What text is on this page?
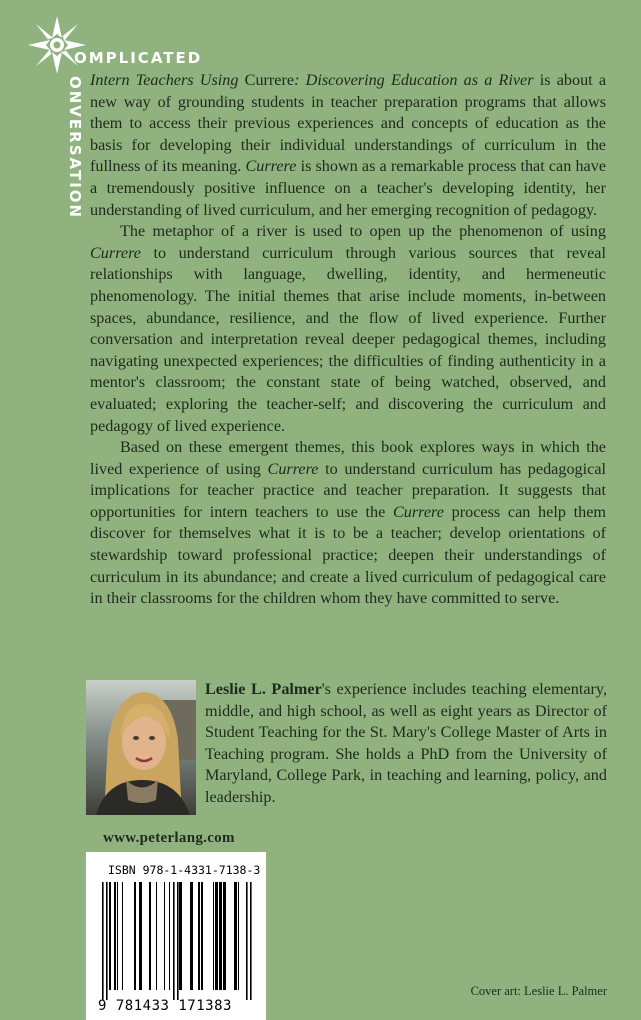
OMPLICATED
ONVERSATION Intern Teachers Using Currere: Discovering Education as a River is about a new way of grounding students in teacher preparation programs that allows them to access their previous experiences and concepts of education as the basis for developing their individual understandings of curriculum in the fullness of its meaning. Currere is shown as a remarkable process that can have a tremendously positive influence on a teacher's developing identity, her understanding of lived curriculum, and her emerging recognition of pedagogy.

The metaphor of a river is used to open up the phenomenon of using Currere to understand curriculum through various sources that reveal relationships with language, dwelling, identity, and hermeneutic phenomenology. The initial themes that arise include moments, in-between spaces, abundance, resilience, and the flow of lived experience. Further conversation and interpretation reveal deeper pedagogical themes, including navigating unexpected experiences; the difficulties of finding authenticity in a mentor's classroom; the constant state of being watched, observed, and evaluated; exploring the teacher-self; and discovering the curriculum and pedagogy of lived experience.

Based on these emergent themes, this book explores ways in which the lived experience of using Currere to understand curriculum has pedagogical implications for teacher practice and teacher preparation. It suggests that opportunities for intern teachers to use the Currere process can help them discover for themselves what it is to be a teacher; develop orientations of stewardship toward professional practice; deepen their understandings of curriculum in its abundance; and create a lived curriculum of pedagogical care in their classrooms for the children whom they have committed to serve.

Leslie L. Palmer's experience includes teaching elementary, middle, and high school, as well as eight years as Director of Student Teaching for the St. Mary's College Master of Arts in Teaching program. She holds a PhD from the University of Maryland, College Park, in teaching and learning, policy, and leadership.

www.peterlang.com
ISBN 978-1-4331-7138-3
9 781433 171383
Cover art: Leslie L. Palmer
